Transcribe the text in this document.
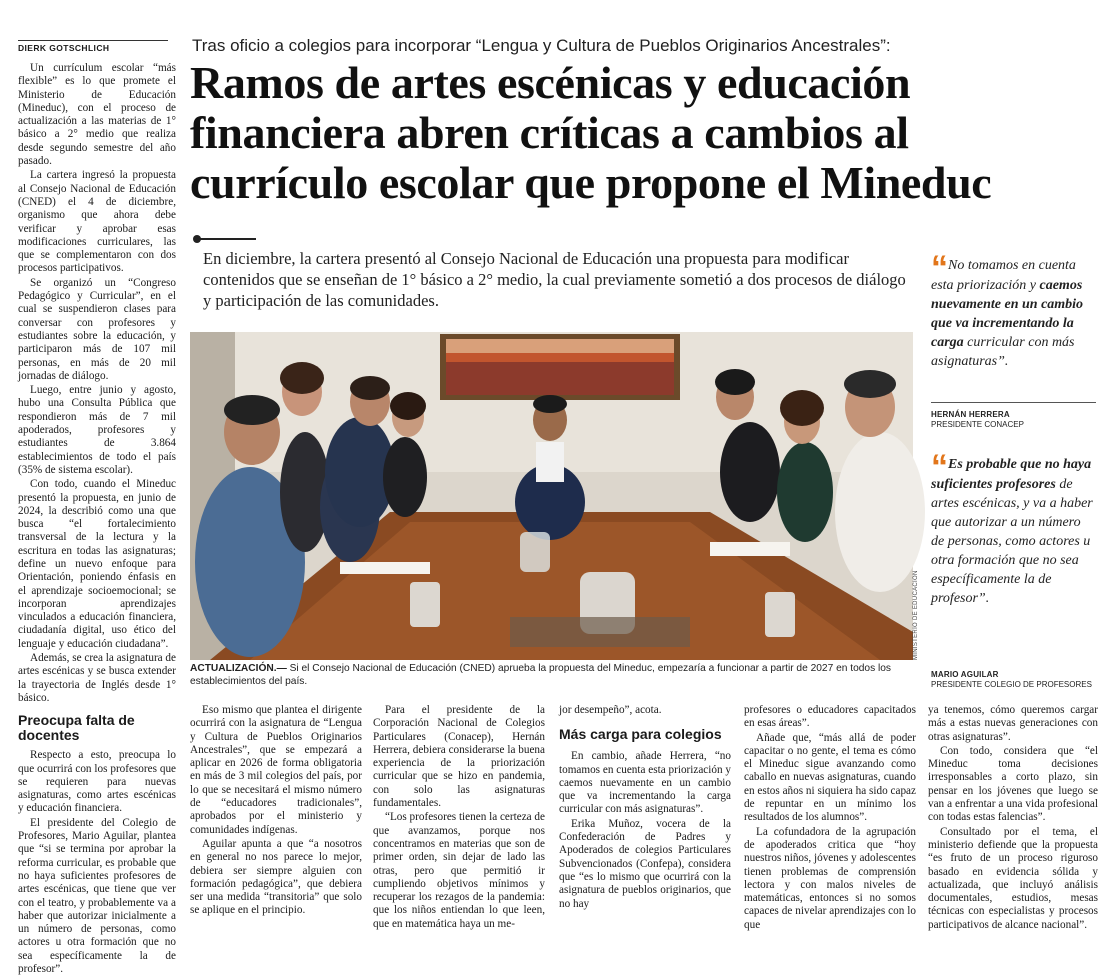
DIERK GOTSCHLICH

Un currículum escolar “más flexible” es lo que promete el Ministerio de Educación (Mineduc), con el proceso de actualización a las materias de 1° básico a 2° medio que realiza desde segundo semestre del año pasado.

La cartera ingresó la propuesta al Consejo Nacional de Educación (CNED) el 4 de diciembre, organismo que ahora debe verificar y aprobar esas modificaciones curriculares, las que se complementaron con dos procesos participativos.

Se organizó un “Congreso Pedagógico y Curricular”, en el cual se suspendieron clases para conversar con profesores y estudiantes sobre la educación, y participaron más de 107 mil personas, en más de 20 mil jornadas de diálogo.

Luego, entre junio y agosto, hubo una Consulta Pública que respondieron más de 7 mil apoderados, profesores y estudiantes de 3.864 establecimientos de todo el país (35% de sistema escolar).

Con todo, cuando el Mineduc presentó la propuesta, en junio de 2024, la describió como una que busca “el fortalecimiento transversal de la lectura y la escritura en todas las asignaturas; define un nuevo enfoque para Orientación, poniendo énfasis en el aprendizaje socioemocional; se incorporan aprendizajes vinculados a educación financiera, ciudadanía digital, uso ético del lenguaje y educación ciudadana”.

Además, se crea la asignatura de artes escénicas y se busca extender la trayectoria de Inglés desde 1° básico.

Preocupa falta de docentes

Respecto a esto, preocupa lo que ocurrirá con los profesores que se requieren para nuevas asignaturas, como artes escénicas y educación financiera.

El presidente del Colegio de Profesores, Mario Aguilar, plantea que “si se termina por aprobar la reforma curricular, es probable que no haya suficientes profesores de artes escénicas, que tiene que ver con el teatro, y probablemente va a haber que autorizar inicialmente a un número de personas, como actores u otra formación que no sea específicamente la de profesor”.

Tras oficio a colegios para incorporar “Lengua y Cultura de Pueblos Originarios Ancestrales”:
Ramos de artes escénicas y educación financiera abren críticas a cambios al currículo escolar que propone el Mineduc
En diciembre, la cartera presentó al Consejo Nacional de Educación una propuesta para modificar contenidos que se enseñan de 1° básico a 2° medio, la cual previamente sometió a dos procesos de diálogo y participación de las comunidades.
MINISTERIO DE EDUCACIÓN
ACTUALIZACIÓN.— Si el Consejo Nacional de Educación (CNED) aprueba la propuesta del Mineduc, empezaría a funcionar a partir de 2027 en todos los establecimientos del país.
“ No tomamos en cuenta esta priorización y caemos nuevamente en un cambio que va incrementando la carga curricular con más asignaturas”.
HERNÁN HERRERA
PRESIDENTE CONACEP
“ Es probable que no haya suficientes profesores de artes escénicas, y va a haber que autorizar a un número de personas, como actores u otra formación que no sea específicamente la de profesor”.
MARIO AGUILAR
PRESIDENTE COLEGIO DE PROFESORES

Eso mismo que plantea el dirigente ocurrirá con la asignatura de “Lengua y Cultura de Pueblos Originarios Ancestrales”, que se empezará a aplicar en 2026 de forma obligatoria en más de 3 mil colegios del país, por lo que se necesitará el mismo número de “educadores tradicionales”, aprobados por el ministerio y comunidades indígenas.

Aguilar apunta a que “a nosotros en general no nos parece lo mejor, debiera ser siempre alguien con formación pedagógica”, que debiera ser una medida “transitoria” que solo se aplique en el principio.

Para el presidente de la Corporación Nacional de Colegios Particulares (Conacep), Hernán Herrera, debiera considerarse la buena experiencia de la priorización curricular que se hizo en pandemia, con solo las asignaturas fundamentales.

“Los profesores tienen la certeza de que avanzamos, porque nos concentramos en materias que son de primer orden, sin dejar de lado las otras, pero que permitió ir cumpliendo objetivos mínimos y recuperar los rezagos de la pandemia: que los niños entiendan lo que leen, que en matemática haya un me-

jor desempeño”, acota.

Más carga para colegios

En cambio, añade Herrera, “no tomamos en cuenta esta priorización y caemos nuevamente en un cambio que va incrementando la carga curricular con más asignaturas”.

Erika Muñoz, vocera de la Confederación de Padres y Apoderados de colegios Particulares Subvencionados (Confepa), considera que “es lo mismo que ocurrirá con la asignatura de pueblos originarios, que no hay

profesores o educadores capacitados en esas áreas”.

Añade que, “más allá de poder capacitar o no gente, el tema es cómo el Mineduc sigue avanzando como caballo en nuevas asignaturas, cuando en estos años ni siquiera ha sido capaz de repuntar en un mínimo los resultados de los alumnos”.

La cofundadora de la agrupación de apoderados critica que “hoy nuestros niños, jóvenes y adolescentes tienen problemas de comprensión lectora y con malos niveles de matemáticas, entonces si no somos capaces de nivelar aprendizajes con lo que

ya tenemos, cómo queremos cargar más a estas nuevas generaciones con otras asignaturas”.

Con todo, considera que “el Mineduc toma decisiones irresponsables a corto plazo, sin pensar en los jóvenes que luego se van a enfrentar a una vida profesional con todas estas falencias”.

Consultado por el tema, el ministerio defiende que la propuesta “es fruto de un proceso riguroso basado en evidencia sólida y actualizada, que incluyó análisis documentales, estudios, mesas técnicas con especialistas y procesos participativos de alcance nacional”.
